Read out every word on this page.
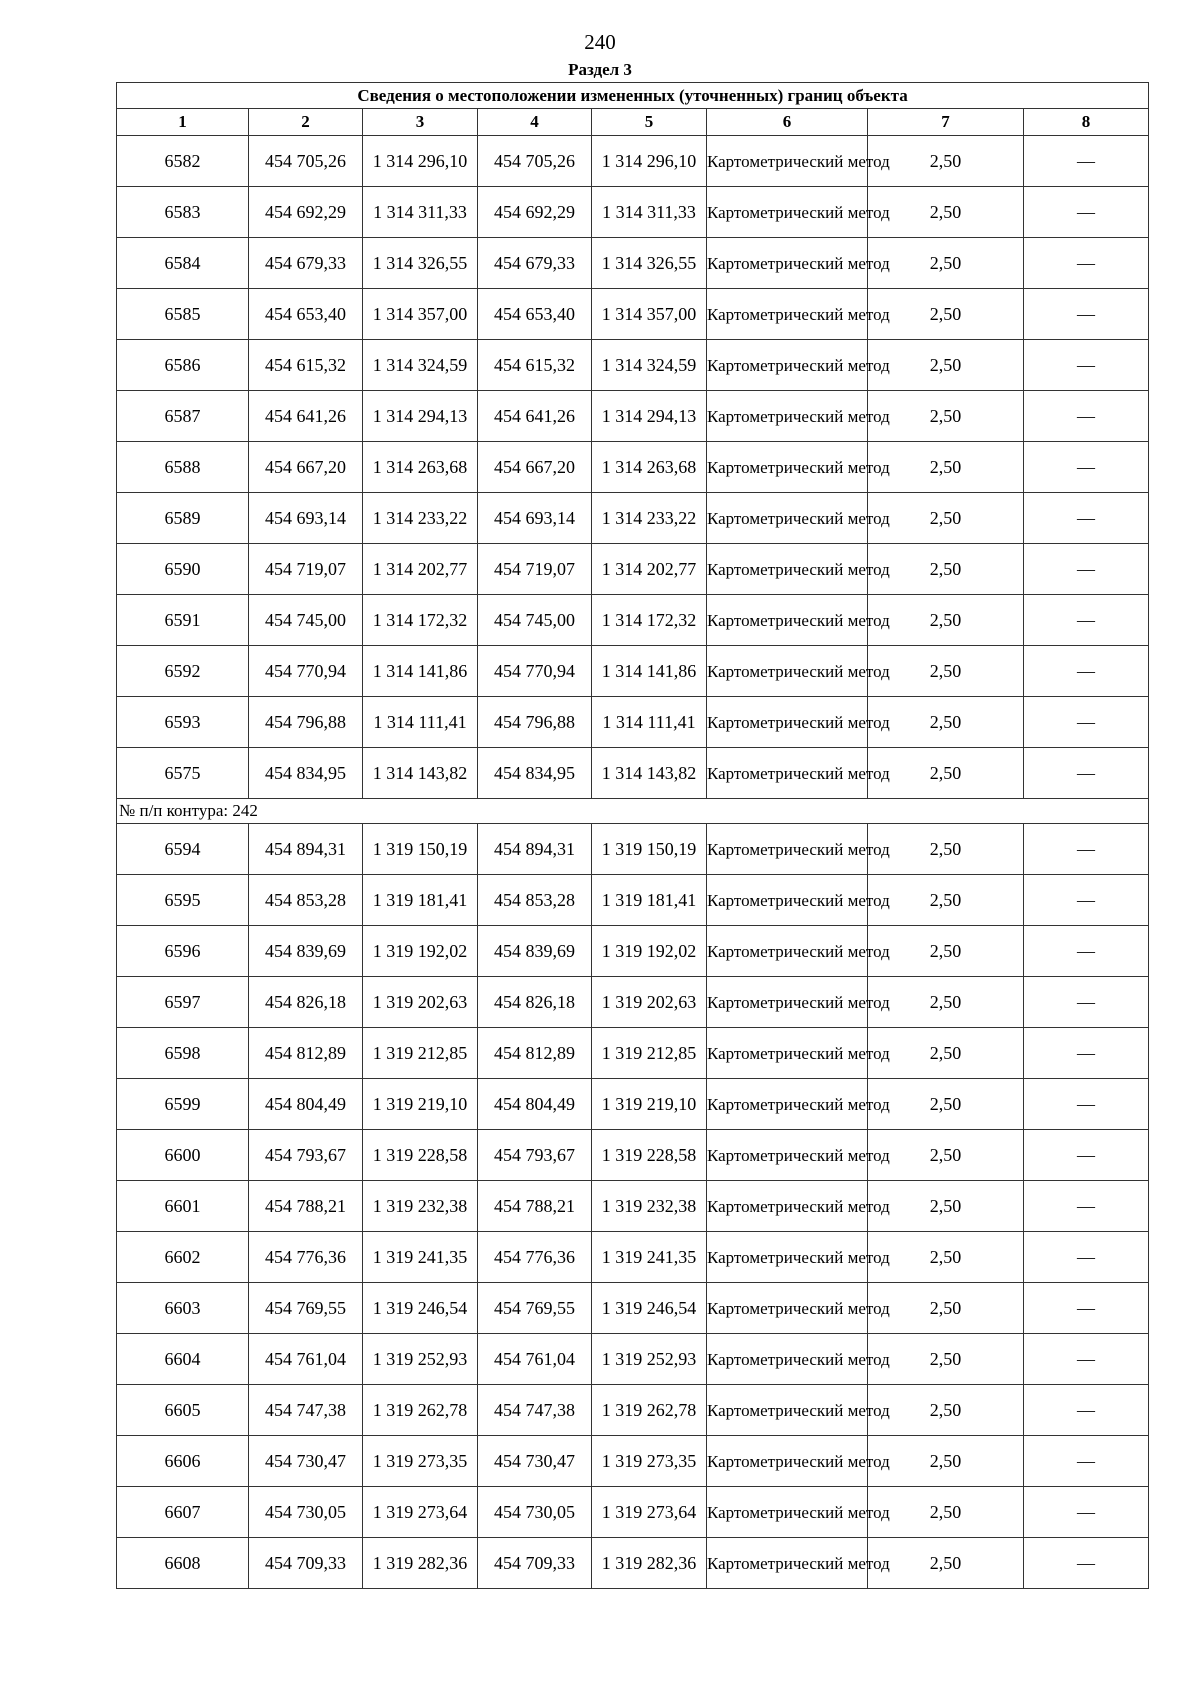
240
Раздел 3
Сведения о местоположении измененных (уточненных) границ объекта							
1	2	3	4	5	6	7	8
6582	454 705,26	1 314 296,10	454 705,26	1 314 296,10	Картометрический метод	2,50	—
6583	454 692,29	1 314 311,33	454 692,29	1 314 311,33	Картометрический метод	2,50	—
6584	454 679,33	1 314 326,55	454 679,33	1 314 326,55	Картометрический метод	2,50	—
6585	454 653,40	1 314 357,00	454 653,40	1 314 357,00	Картометрический метод	2,50	—
6586	454 615,32	1 314 324,59	454 615,32	1 314 324,59	Картометрический метод	2,50	—
6587	454 641,26	1 314 294,13	454 641,26	1 314 294,13	Картометрический метод	2,50	—
6588	454 667,20	1 314 263,68	454 667,20	1 314 263,68	Картометрический метод	2,50	—
6589	454 693,14	1 314 233,22	454 693,14	1 314 233,22	Картометрический метод	2,50	—
6590	454 719,07	1 314 202,77	454 719,07	1 314 202,77	Картометрический метод	2,50	—
6591	454 745,00	1 314 172,32	454 745,00	1 314 172,32	Картометрический метод	2,50	—
6592	454 770,94	1 314 141,86	454 770,94	1 314 141,86	Картометрический метод	2,50	—
6593	454 796,88	1 314 111,41	454 796,88	1 314 111,41	Картометрический метод	2,50	—
6575	454 834,95	1 314 143,82	454 834,95	1 314 143,82	Картометрический метод	2,50	—
№ п/п контура: 242							
6594	454 894,31	1 319 150,19	454 894,31	1 319 150,19	Картометрический метод	2,50	—
6595	454 853,28	1 319 181,41	454 853,28	1 319 181,41	Картометрический метод	2,50	—
6596	454 839,69	1 319 192,02	454 839,69	1 319 192,02	Картометрический метод	2,50	—
6597	454 826,18	1 319 202,63	454 826,18	1 319 202,63	Картометрический метод	2,50	—
6598	454 812,89	1 319 212,85	454 812,89	1 319 212,85	Картометрический метод	2,50	—
6599	454 804,49	1 319 219,10	454 804,49	1 319 219,10	Картометрический метод	2,50	—
6600	454 793,67	1 319 228,58	454 793,67	1 319 228,58	Картометрический метод	2,50	—
6601	454 788,21	1 319 232,38	454 788,21	1 319 232,38	Картометрический метод	2,50	—
6602	454 776,36	1 319 241,35	454 776,36	1 319 241,35	Картометрический метод	2,50	—
6603	454 769,55	1 319 246,54	454 769,55	1 319 246,54	Картометрический метод	2,50	—
6604	454 761,04	1 319 252,93	454 761,04	1 319 252,93	Картометрический метод	2,50	—
6605	454 747,38	1 319 262,78	454 747,38	1 319 262,78	Картометрический метод	2,50	—
6606	454 730,47	1 319 273,35	454 730,47	1 319 273,35	Картометрический метод	2,50	—
6607	454 730,05	1 319 273,64	454 730,05	1 319 273,64	Картометрический метод	2,50	—
6608	454 709,33	1 319 282,36	454 709,33	1 319 282,36	Картометрический метод	2,50	—
